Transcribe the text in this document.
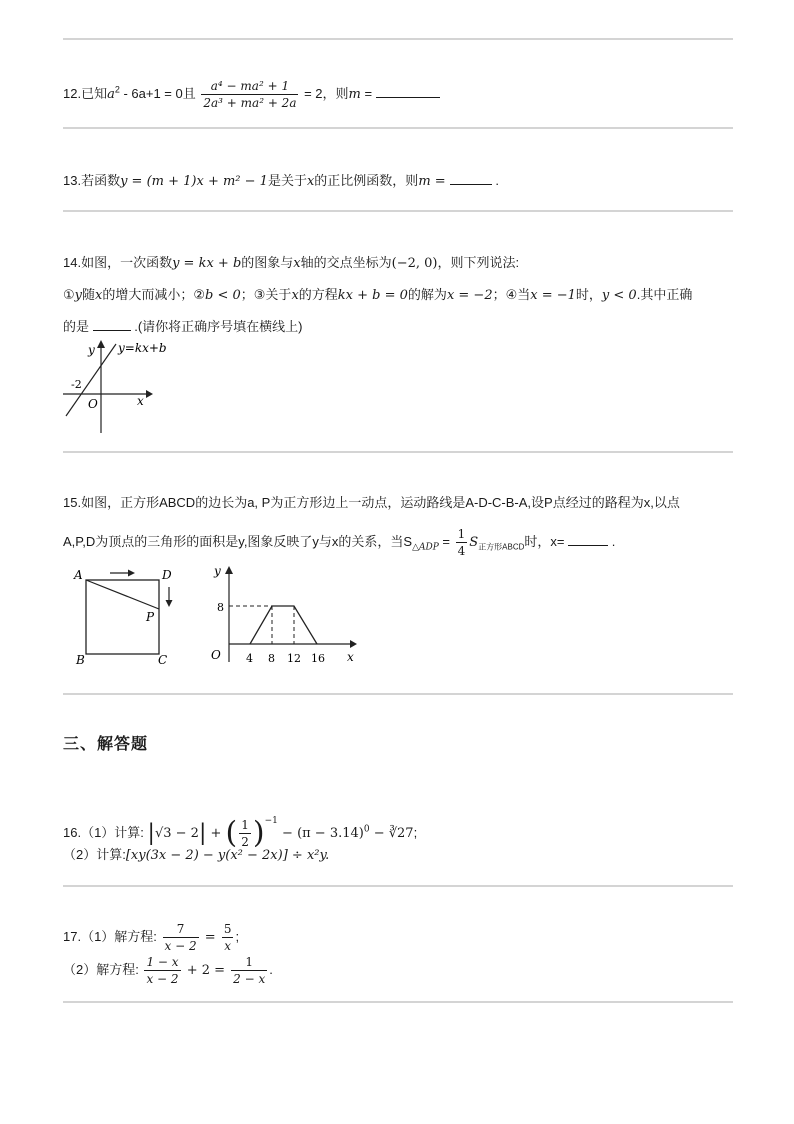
12.已知$a^2 - 6a+1 = 0$且 $\frac{\text{a⁴ − ma² + 1}}{\text{2a³ + ma² + 2a}} = 2$，则m =
13.若函数y = (m + 1)x + m² − 1是关于x的正比例函数，则m =	.
14.如图，一次函数y = kx + b的图象与x轴的交点坐标为(−2, 0)，则下列说法:
①y随x的增大而减小；②b < 0；③关于x的方程kx + b = 0的解为x = −2；④当x = −1时，y < 0.其中正确
的是	.(请你将正确序号填在横线上)
y y=kx+b
-2
O	x
15.如图，正方形ABCD的边长为a, P为正方形边上一动点，运动路线是A-D-C-B-A,设P点经过的路程为x,以点
A,P,D为顶点的三角形的面积是y,图象反映了y与x的关系，当$S_{\triangle ADP} = \frac{1}{4} S_{正方形ABCD}$时，x=	.
A	D
P
B	C
y
8
O 4 8 12 16 x
三、解答题
16.（1）计算: |√3 − 2| + ( $\frac{1}{2} )^{-1} - (\pi - 3.14)^0$ − ∛27;
（2）计算:[xy(3x − 2) − y(x² − 2x)] ÷ x²y.
17.（1）解方程: $\frac{7}{x - 2} = \frac{5}{x}$ ;
（2）解方程: $\frac{1 - x}{x - 2} + 2 = \frac{1}{2 - x}$ .
